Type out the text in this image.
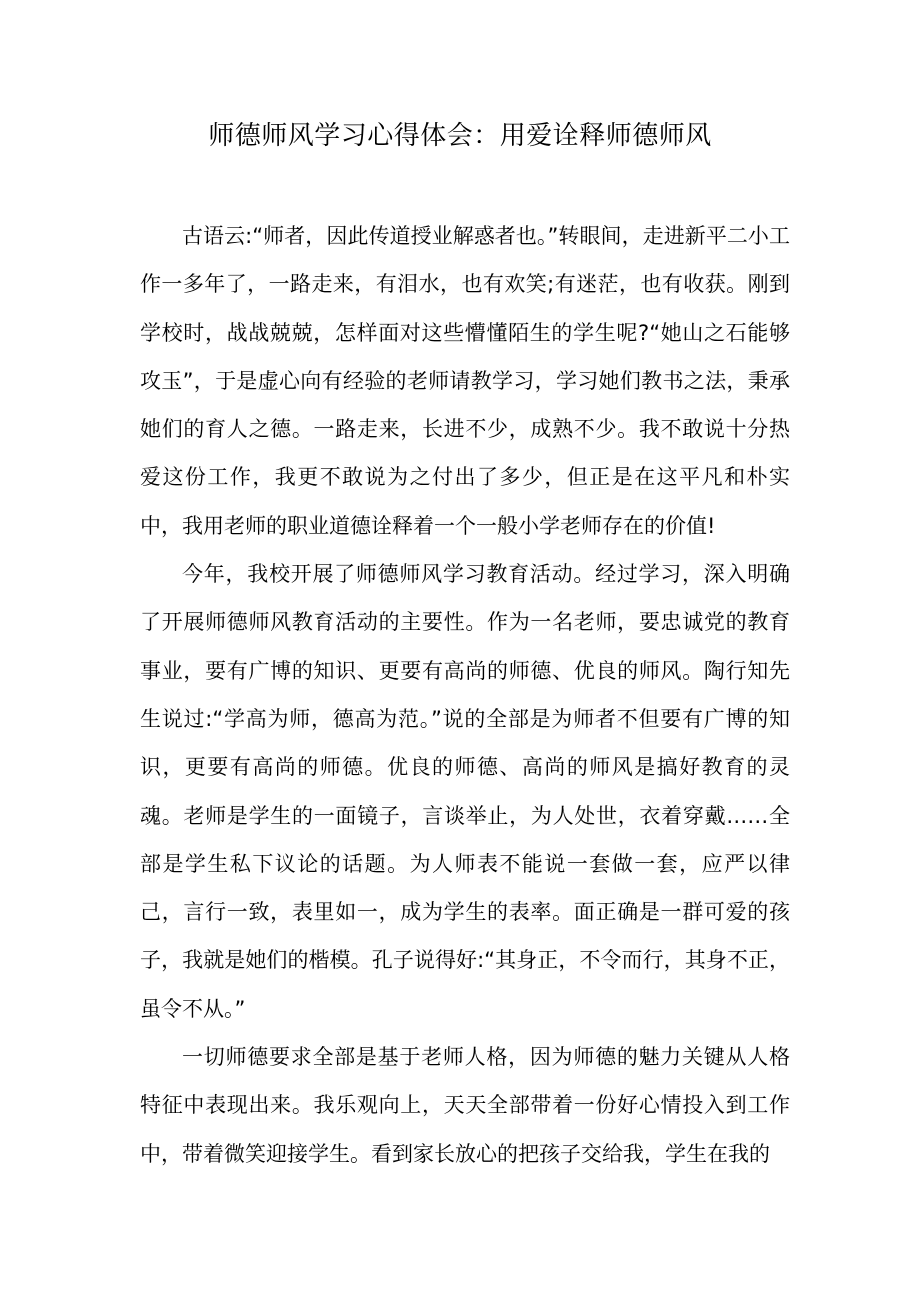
师德师风学习心得体会：用爱诠释师德师风

古语云:“师者，因此传道授业解惑者也。”转眼间，走进新平二小工作一多年了，一路走来，有泪水，也有欢笑;有迷茫，也有收获。刚到学校时，战战兢兢，怎样面对这些懵懂陌生的学生呢?“她山之石能够攻玉”，于是虚心向有经验的老师请教学习，学习她们教书之法，秉承她们的育人之德。一路走来，长进不少，成熟不少。我不敢说十分热爱这份工作，我更不敢说为之付出了多少，但正是在这平凡和朴实中，我用老师的职业道德诠释着一个一般小学老师存在的价值!

今年，我校开展了师德师风学习教育活动。经过学习，深入明确了开展师德师风教育活动的主要性。作为一名老师，要忠诚党的教育事业，要有广博的知识、更要有高尚的师德、优良的师风。陶行知先生说过:“学高为师，德高为范。”说的全部是为师者不但要有广博的知识，更要有高尚的师德。优良的师德、高尚的师风是搞好教育的灵魂。老师是学生的一面镜子，言谈举止，为人处世，衣着穿戴……全部是学生私下议论的话题。为人师表不能说一套做一套，应严以律己，言行一致，表里如一，成为学生的表率。面正确是一群可爱的孩子，我就是她们的楷模。孔子说得好:“其身正，不令而行，其身不正，虽令不从。”

一切师德要求全部是基于老师人格，因为师德的魅力关键从人格特征中表现出来。我乐观向上，天天全部带着一份好心情投入到工作中，带着微笑迎接学生。看到家长放心的把孩子交给我，学生在我的
